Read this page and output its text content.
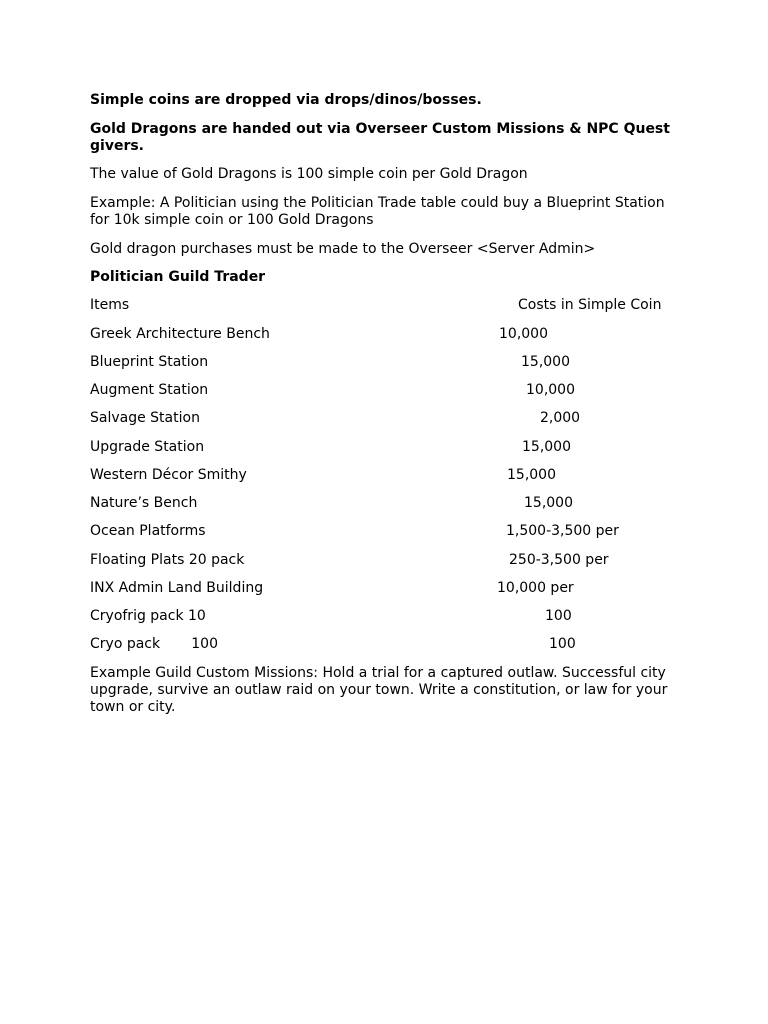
Simple coins are dropped via drops/dinos/bosses.

Gold Dragons are handed out via Overseer Custom Missions & NPC Quest givers.

The value of Gold Dragons is 100 simple coin per Gold Dragon

Example: A Politician using the Politician Trade table could buy a Blueprint Station for 10k simple coin or 100 Gold Dragons

Gold dragon purchases must be made to the Overseer <Server Admin>

Politician Guild Trader

Items	Costs in Simple Coin
Greek Architecture Bench	10,000
Blueprint Station	15,000
Augment Station	10,000
Salvage Station	2,000
Upgrade Station	15,000
Western Décor Smithy	15,000
Nature’s Bench	15,000
Ocean Platforms	1,500-3,500 per
Floating Plats 20 pack	250-3,500 per
INX Admin Land Building	10,000 per
Cryofrig pack 10	100
Cryo pack       100	100

Example Guild Custom Missions: Hold a trial for a captured outlaw. Successful city upgrade, survive an outlaw raid on your town. Write a constitution, or law for your town or city.
